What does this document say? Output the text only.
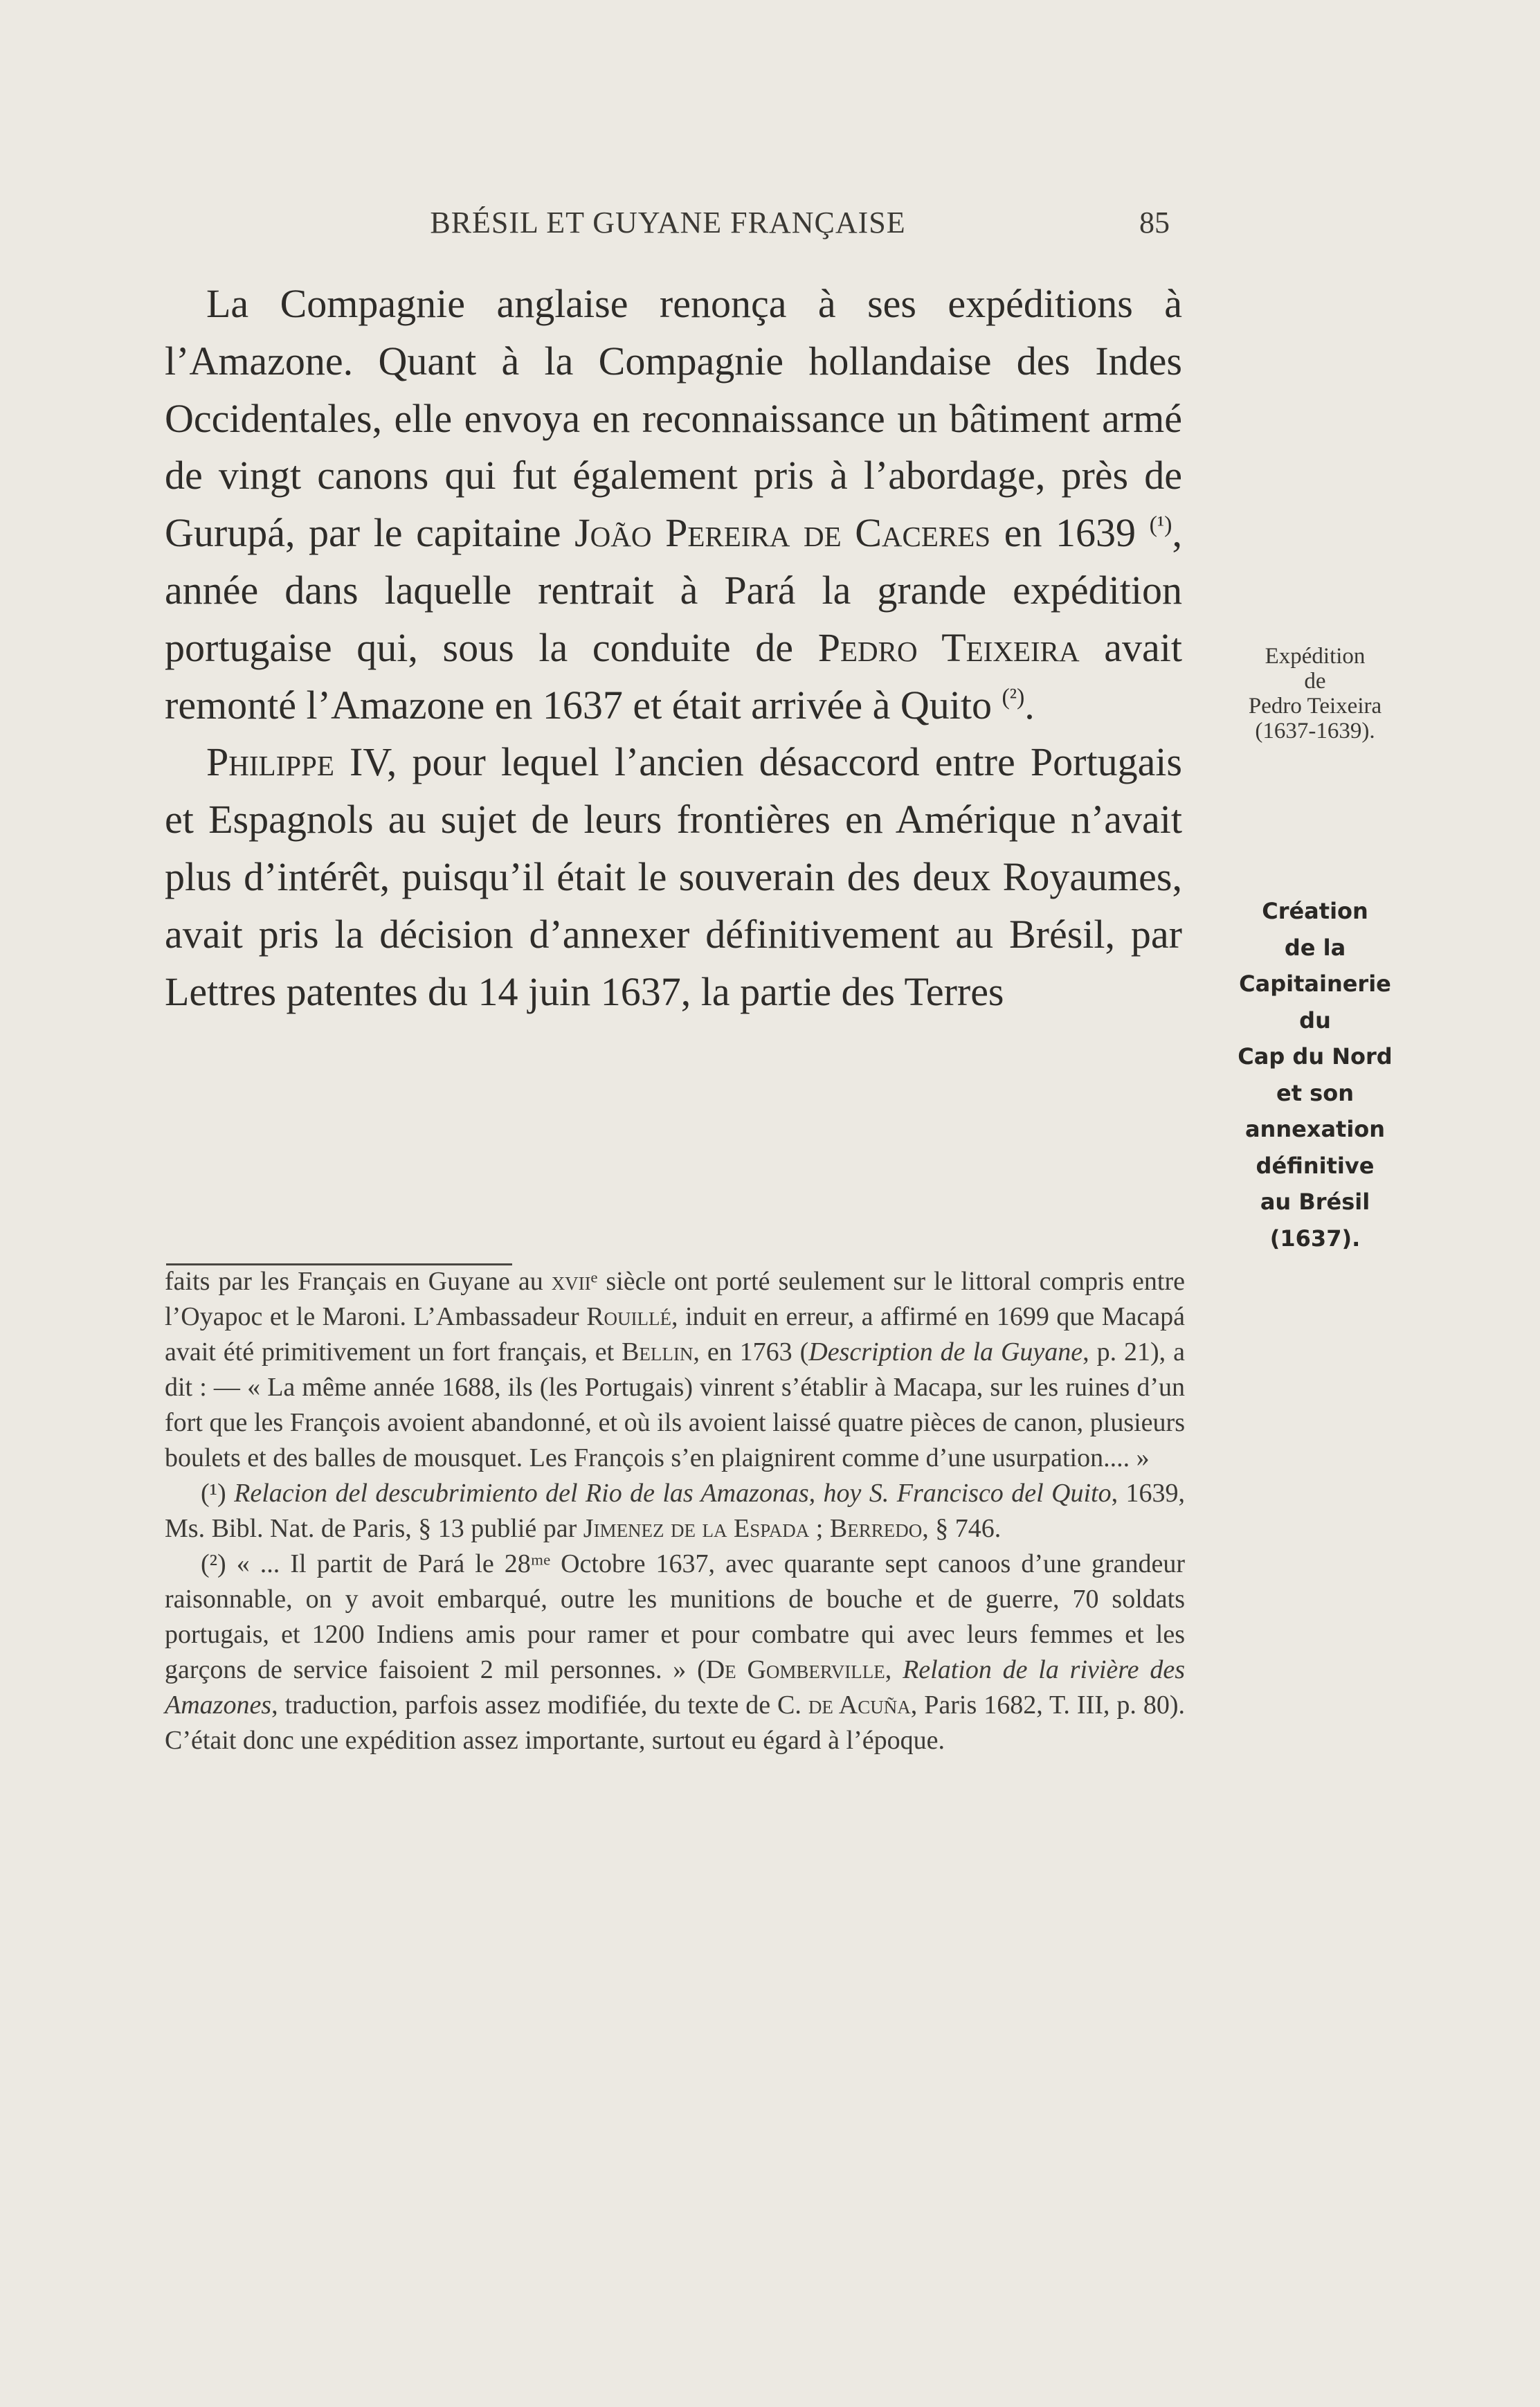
BRÉSIL ET GUYANE FRANÇAISE	85

La Compagnie anglaise renonça à ses expéditions à l’Amazone. Quant à la Compagnie hollandaise des Indes Occidentales, elle envoya en reconnaissance un bâtiment armé de vingt canons qui fut également pris à l’abordage, près de Gurupá, par le capitaine João Pereira de Caceres en 1639 $^{(^1)}$, année dans laquelle rentrait à Pará la grande expédition portugaise qui, sous la conduite de Pedro Teixeira avait remonté l’Amazone en 1637 et était arrivée à Quito $^{(^2)}$.

Philippe IV, pour lequel l’ancien désaccord entre Portugais et Espagnols au sujet de leurs frontières en Amérique n’avait plus d’intérêt, puisqu’il était le souverain des deux Royaumes, avait pris la décision d’annexer définitivement au Brésil, par Lettres patentes du 14 juin 1637, la partie des Terres

Expédition
de
Pedro Teixeira
(1637-1639).
Création
de la
Capitainerie
du
Cap du Nord
et son
annexation
définitive
au Brésil
(1637).

faits par les Français en Guyane au xviiᵉ siècle ont porté seulement sur le littoral compris entre l’Oyapoc et le Maroni. L’Ambassadeur Rouillé, induit en erreur, a affirmé en 1699 que Macapá avait été primitivement un fort français, et Bellin, en 1763 (Description de la Guyane, p. 21), a dit : — « La même année 1688, ils (les Portugais) vinrent s’établir à Macapa, sur les ruines d’un fort que les François avoient abandonné, et où ils avoient laissé quatre pièces de canon, plusieurs boulets et des balles de mousquet. Les François s’en plaignirent comme d’une usurpation.... »

(¹) Relacion del descubrimiento del Rio de las Amazonas, hoy S. Francisco del Quito, 1639, Ms. Bibl. Nat. de Paris, § 13 publié par Jimenez de la Espada ; Berredo, § 746.

(²) « ... Il partit de Pará le 28ᵐᵉ Octobre 1637, avec quarante sept canoos d’une grandeur raisonnable, on y avoit embarqué, outre les munitions de bouche et de guerre, 70 soldats portugais, et 1200 Indiens amis pour ramer et pour combatre qui avec leurs femmes et les garçons de service faisoient 2 mil personnes. » (De Gomberville, Relation de la rivière des Amazones, traduction, parfois assez modifiée, du texte de C. de Acuña, Paris 1682, T. III, p. 80). C’était donc une expédition assez importante, surtout eu égard à l’époque.
